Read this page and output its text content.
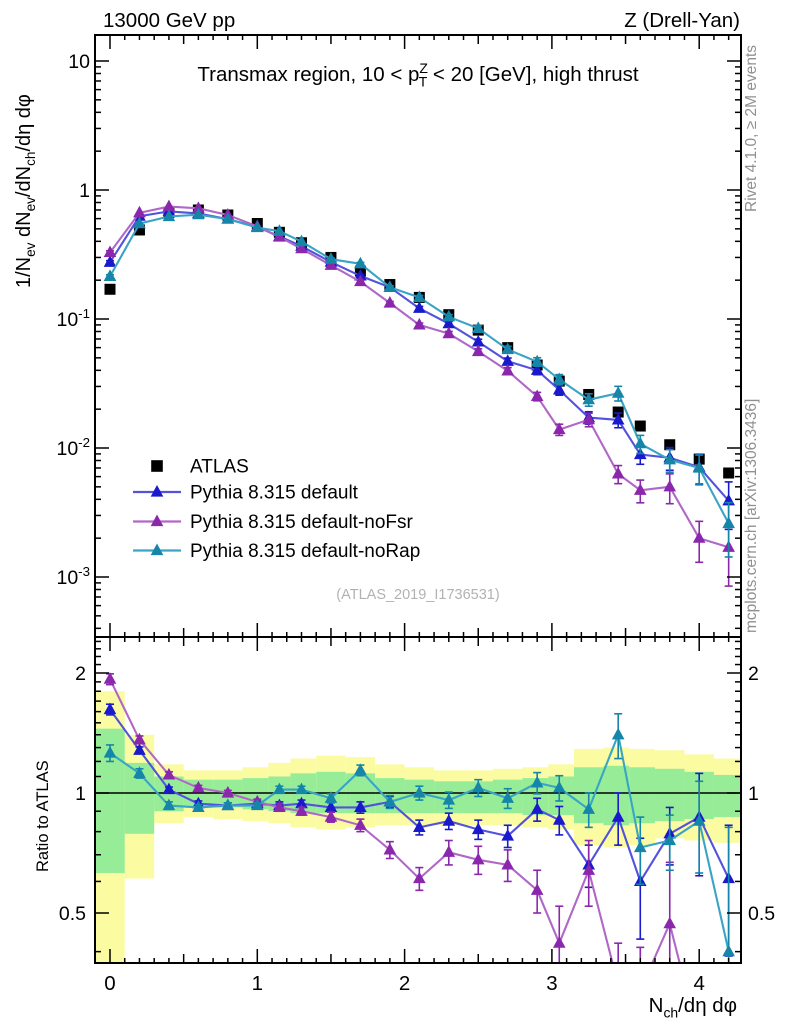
10
1
$10^{-1}$
$10^{-2}$
$10^{-3}$
2	2
1	1
0.5	0.5
0	1	2	3	4
13000 GeV pp	Z (Drell-Yan)
Transmax region, $10 < p^Z$ T < 20 [GeV], high thrust
$1/N_{ev}$ $dN_{ev}/dN_{ch}/d\eta$ dφ
Ratio to ATLAS
$N_{ch}/d\eta$ dφ
(ATLAS_2019_I1736531)
Rivet 4.1.0, ≥ 2M events
mcplots.cern.ch [arXiv:1306.3436]
ATLAS
Pythia 8.315 default
Pythia 8.315 default-noFsr
Pythia 8.315 default-noRap
